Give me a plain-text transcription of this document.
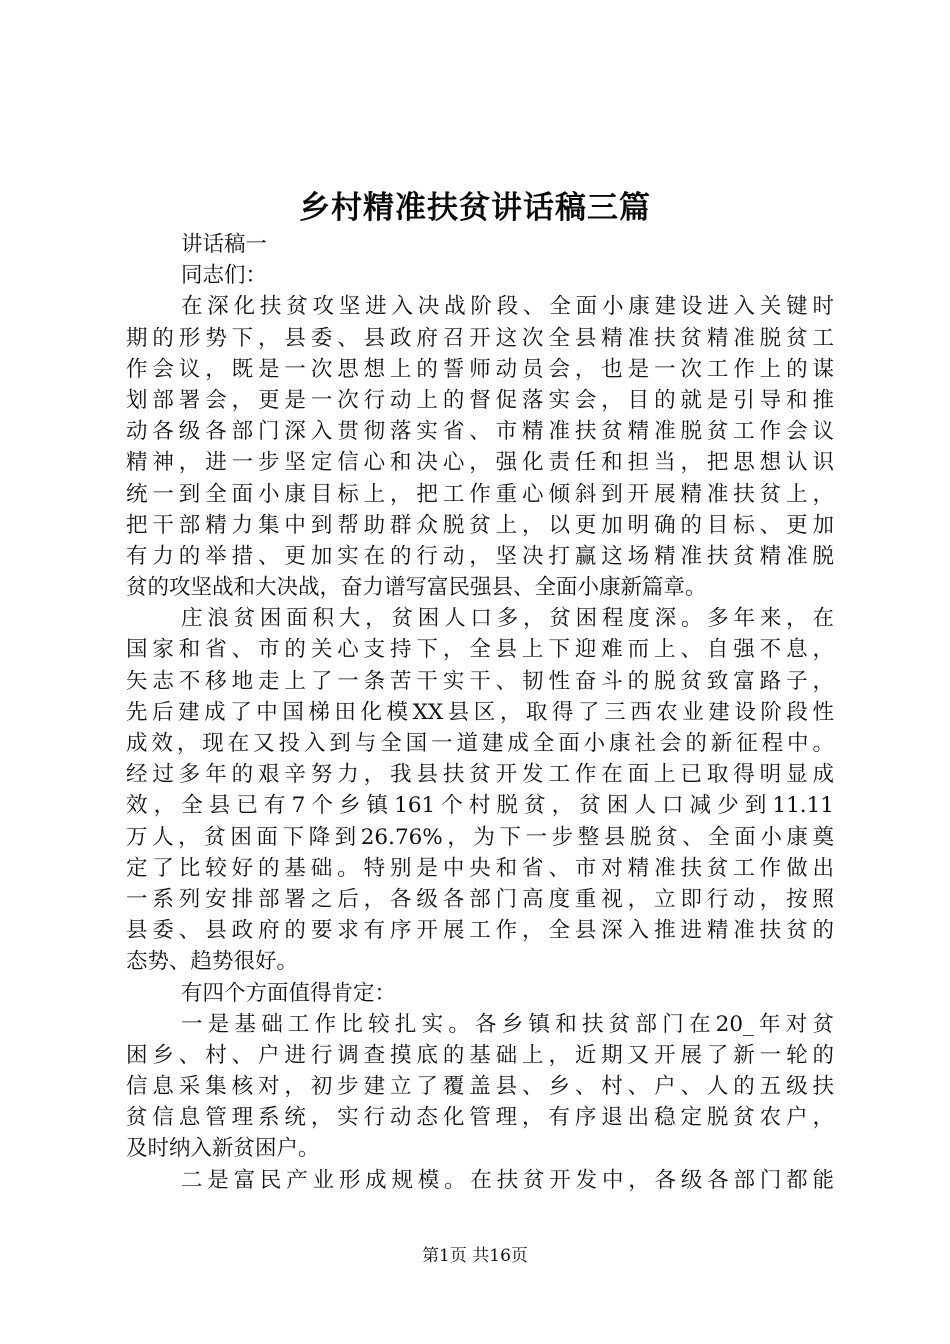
乡村精准扶贫讲话稿三篇
讲话稿一
同志们：
在深化扶贫攻坚进入决战阶段、全面小康建设进入关键时
期的形势下，县委、县政府召开这次全县精准扶贫精准脱贫工
作会议，既是一次思想上的誓师动员会，也是一次工作上的谋
划部署会，更是一次行动上的督促落实会，目的就是引导和推
动各级各部门深入贯彻落实省、市精准扶贫精准脱贫工作会议
精神，进一步坚定信心和决心，强化责任和担当，把思想认识
统一到全面小康目标上，把工作重心倾斜到开展精准扶贫上，
把干部精力集中到帮助群众脱贫上，以更加明确的目标、更加
有力的举措、更加实在的行动，坚决打赢这场精准扶贫精准脱
贫的攻坚战和大决战，奋力谱写富民强县、全面小康新篇章。
庄浪贫困面积大，贫困人口多，贫困程度深。多年来，在
国家和省、市的关心支持下，全县上下迎难而上、自强不息，
矢志不移地走上了一条苦干实干、韧性奋斗的脱贫致富路子，
先后建成了中国梯田化模XX县区，取得了三西农业建设阶段性
成效，现在又投入到与全国一道建成全面小康社会的新征程中。
经过多年的艰辛努力，我县扶贫开发工作在面上已取得明显成
效，全县已有7个乡镇161个村脱贫，贫困人口减少到11.11
万人，贫困面下降到26.76%，为下一步整县脱贫、全面小康奠
定了比较好的基础。特别是中央和省、市对精准扶贫工作做出
一系列安排部署之后，各级各部门高度重视，立即行动，按照
县委、县政府的要求有序开展工作，全县深入推进精准扶贫的
态势、趋势很好。
有四个方面值得肯定：
一是基础工作比较扎实。各乡镇和扶贫部门在20_年对贫
困乡、村、户进行调查摸底的基础上，近期又开展了新一轮的
信息采集核对，初步建立了覆盖县、乡、村、户、人的五级扶
贫信息管理系统，实行动态化管理，有序退出稳定脱贫农户，
及时纳入新贫困户。
二是富民产业形成规模。在扶贫开发中，各级各部门都能
第1页 共16页
